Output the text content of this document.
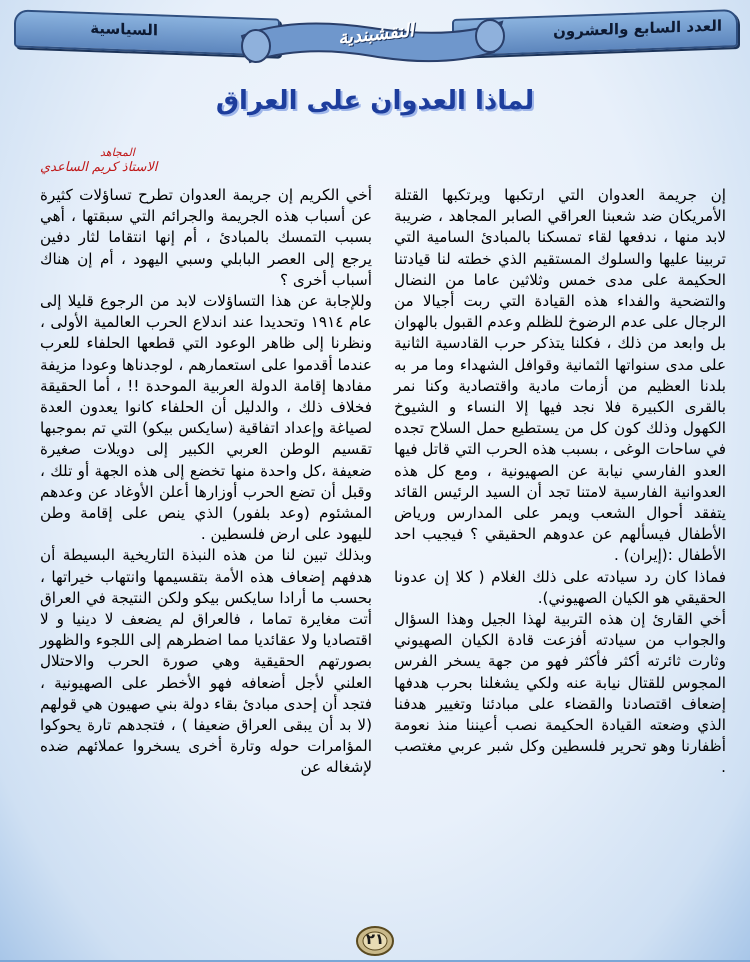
العدد السابع والعشرون
السياسية	النقشبندية
لماذا العدوان على العراق
المجاهد
الاستاذ كريم الساعدي

إن جريمة العدوان التي ارتكبها ويرتكبها القتلة الأمريكان ضد شعبنا العراقي الصابر المجاهد ، ضريبة لابد منها ، ندفعها لقاء تمسكنا بالمبادئ السامية التي تربينا عليها والسلوك المستقيم الذي خطته لنا قيادتنا الحكيمة على مدى خمس وثلاثين عاما من النضال والتضحية والفداء هذه القيادة التي ربت أجيالا من الرجال على عدم الرضوخ للظلم وعدم القبول بالهوان بل وابعد من ذلك ، فكلنا يتذكر حرب القادسية الثانية على مدى سنواتها الثمانية وقوافل الشهداء وما مر به بلدنا العظيم من أزمات مادية واقتصادية وكنا نمر بالقرى الكبيرة فلا نجد فيها إلا النساء و الشيوخ الكهول وذلك كون كل من يستطيع حمل السلاح تجده في ساحات الوغى ، بسبب هذه الحرب التي قاتل فيها العدو الفارسي نيابة عن الصهيونية ، ومع كل هذه العدوانية الفارسية لامتنا تجد أن السيد الرئيس القائد يتفقد أحوال الشعب ويمر على المدارس ورياض الأطفال فيسألهم عن عدوهم الحقيقي ؟ فيجيب احد الأطفال :(إيران) .

فماذا كان رد سيادته على ذلك الغلام ( كلا إن عدونا الحقيقي هو الكيان الصهيوني).

أخي القارئ إن هذه التربية لهذا الجيل وهذا السؤال والجواب من سيادته أفزعت قادة الكيان الصهيوني وثارت ثائرته أكثر فأكثر فهو من جهة يسخر الفرس المجوس للقتال نيابة عنه ولكي يشغلنا بحرب هدفها إضعاف اقتصادنا والقضاء على مبادئنا وتغيير هدفنا الذي وضعته القيادة الحكيمة نصب أعيننا منذ نعومة أظفارنا وهو تحرير فلسطين وكل شبر عربي مغتصب .

أخي الكريم إن جريمة العدوان تطرح تساؤلات كثيرة عن أسباب هذه الجريمة والجرائم التي سبقتها ، أهي بسبب التمسك بالمبادئ ، أم إنها انتقاما لثار دفين يرجع إلى العصر البابلي وسبي اليهود ، أم إن هناك أسباب أخرى ؟

وللإجابة عن هذا التساؤلات لابد من الرجوع قليلا إلى عام ١٩١٤ وتحديدا عند اندلاع الحرب العالمية الأولى ، ونظرنا إلى ظاهر الوعود التي قطعها الحلفاء للعرب عندما أقدموا على استعمارهم ، لوجدناها وعودا مزيفة مفادها إقامة الدولة العربية الموحدة !! ، أما الحقيقة فخلاف ذلك ، والدليل أن الحلفاء كانوا يعدون العدة لصياغة وإعداد اتفاقية (سايكس بيكو) التي تم بموجبها تقسيم الوطن العربي الكبير إلى دويلات صغيرة ضعيفة ،كل واحدة منها تخضع إلى هذه الجهة أو تلك ، وقبل أن تضع الحرب أوزارها أعلن الأوغاد عن وعدهم المشئوم (وعد بلفور) الذي ينص على إقامة وطن لليهود على ارض فلسطين .

وبذلك تبين لنا من هذه النبذة التاريخية البسيطة أن هدفهم إضعاف هذه الأمة بتقسيمها وانتهاب خيراتها ، بحسب ما أرادا سايكس بيكو ولكن النتيجة في العراق أتت مغايرة تماما ، فالعراق لم يضعف لا دينيا و لا اقتصاديا ولا عقائديا مما اضطرهم إلى اللجوء والظهور بصورتهم الحقيقية وهي صورة الحرب والاحتلال العلني لأجل أضعافه فهو الأخطر على الصهيونية ، فتجد أن إحدى مبادئ بقاء دولة بني صهيون هي قولهم (لا بد أن يبقى العراق ضعيفا ) ، فتجدهم تارة يحوكوا المؤامرات حوله وتارة أخرى يسخروا عملائهم ضده لإشغاله عن

٢١
